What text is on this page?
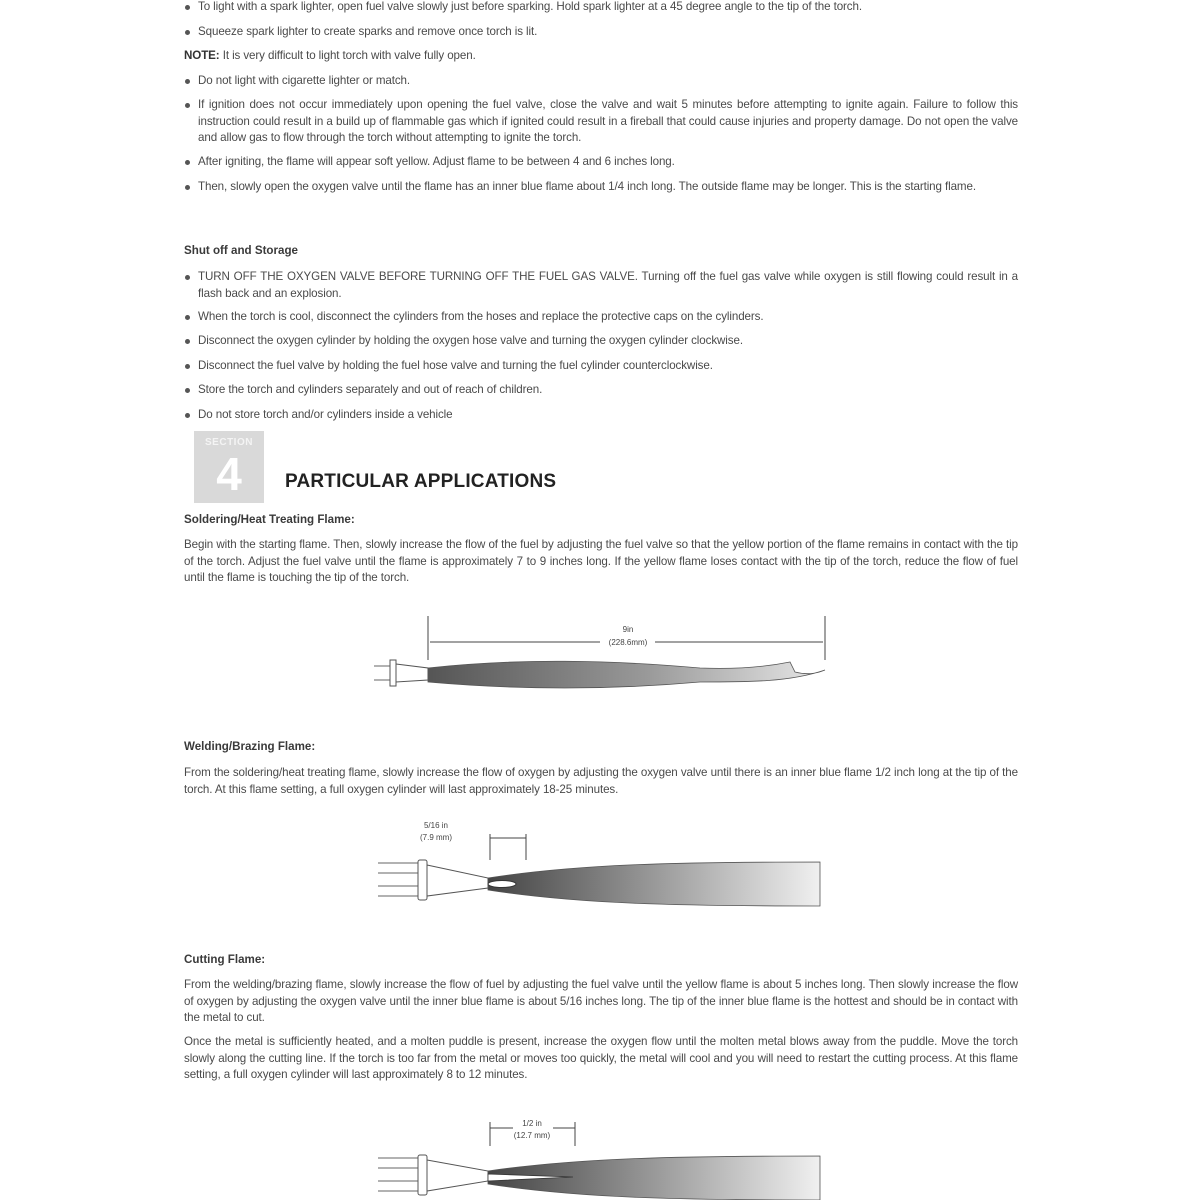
To light with a spark lighter, open fuel valve slowly just before sparking. Hold spark lighter at a 45 degree angle to the tip of the torch.
Squeeze spark lighter to create sparks and remove once torch is lit.
NOTE: It is very difficult to light torch with valve fully open.
Do not light with cigarette lighter or match.
If ignition does not occur immediately upon opening the fuel valve, close the valve and wait 5 minutes before attempting to ignite again. Failure to follow this instruction could result in a build up of flammable gas which if ignited could result in a fireball that could cause injuries and property damage. Do not open the valve and allow gas to flow through the torch without attempting to ignite the torch.
After igniting, the flame will appear soft yellow. Adjust flame to be between 4 and 6 inches long.
Then, slowly open the oxygen valve until the flame has an inner blue flame about 1/4 inch long. The outside flame may be longer. This is the starting flame.
Shut off and Storage
TURN OFF THE OXYGEN VALVE BEFORE TURNING OFF THE FUEL GAS VALVE. Turning off the fuel gas valve while oxygen is still flowing could result in a flash back and an explosion.
When the torch is cool, disconnect the cylinders from the hoses and replace the protective caps on the cylinders.
Disconnect the oxygen cylinder by holding the oxygen hose valve and turning the oxygen cylinder clockwise.
Disconnect the fuel valve by holding the fuel hose valve and turning the fuel cylinder counterclockwise.
Store the torch and cylinders separately and out of reach of children.
Do not store torch and/or cylinders inside a vehicle
SECTION
4	PARTICULAR APPLICATIONS
Soldering/Heat Treating Flame:
Begin with the starting flame. Then, slowly increase the flow of the fuel by adjusting the fuel valve so that the yellow portion of the flame remains in contact with the tip of the torch. Adjust the fuel valve until the flame is approximately 7 to 9 inches long. If the yellow flame loses contact with the tip of the torch, reduce the flow of fuel until the flame is touching the tip of the torch.
Welding/Brazing Flame:
From the soldering/heat treating flame, slowly increase the flow of oxygen by adjusting the oxygen valve until there is an inner blue flame 1/2 inch long at the tip of the torch. At this flame setting, a full oxygen cylinder will last approximately 18-25 minutes.
Cutting Flame:
From the welding/brazing flame, slowly increase the flow of fuel by adjusting the fuel valve until the yellow flame is about 5 inches long. Then slowly increase the flow of oxygen by adjusting the oxygen valve until the inner blue flame is about 5/16 inches long. The tip of the inner blue flame is the hottest and should be in contact with the metal to cut.
Once the metal is sufficiently heated, and a molten puddle is present, increase the oxygen flow until the molten metal blows away from the puddle. Move the torch slowly along the cutting line. If the torch is too far from the metal or moves too quickly, the metal will cool and you will need to restart the cutting process. At this flame setting, a full oxygen cylinder will last approximately 8 to 12 minutes.
9in
(228.6mm)
5/16 in
(7.9 mm)
1/2 in
(12.7 mm)
